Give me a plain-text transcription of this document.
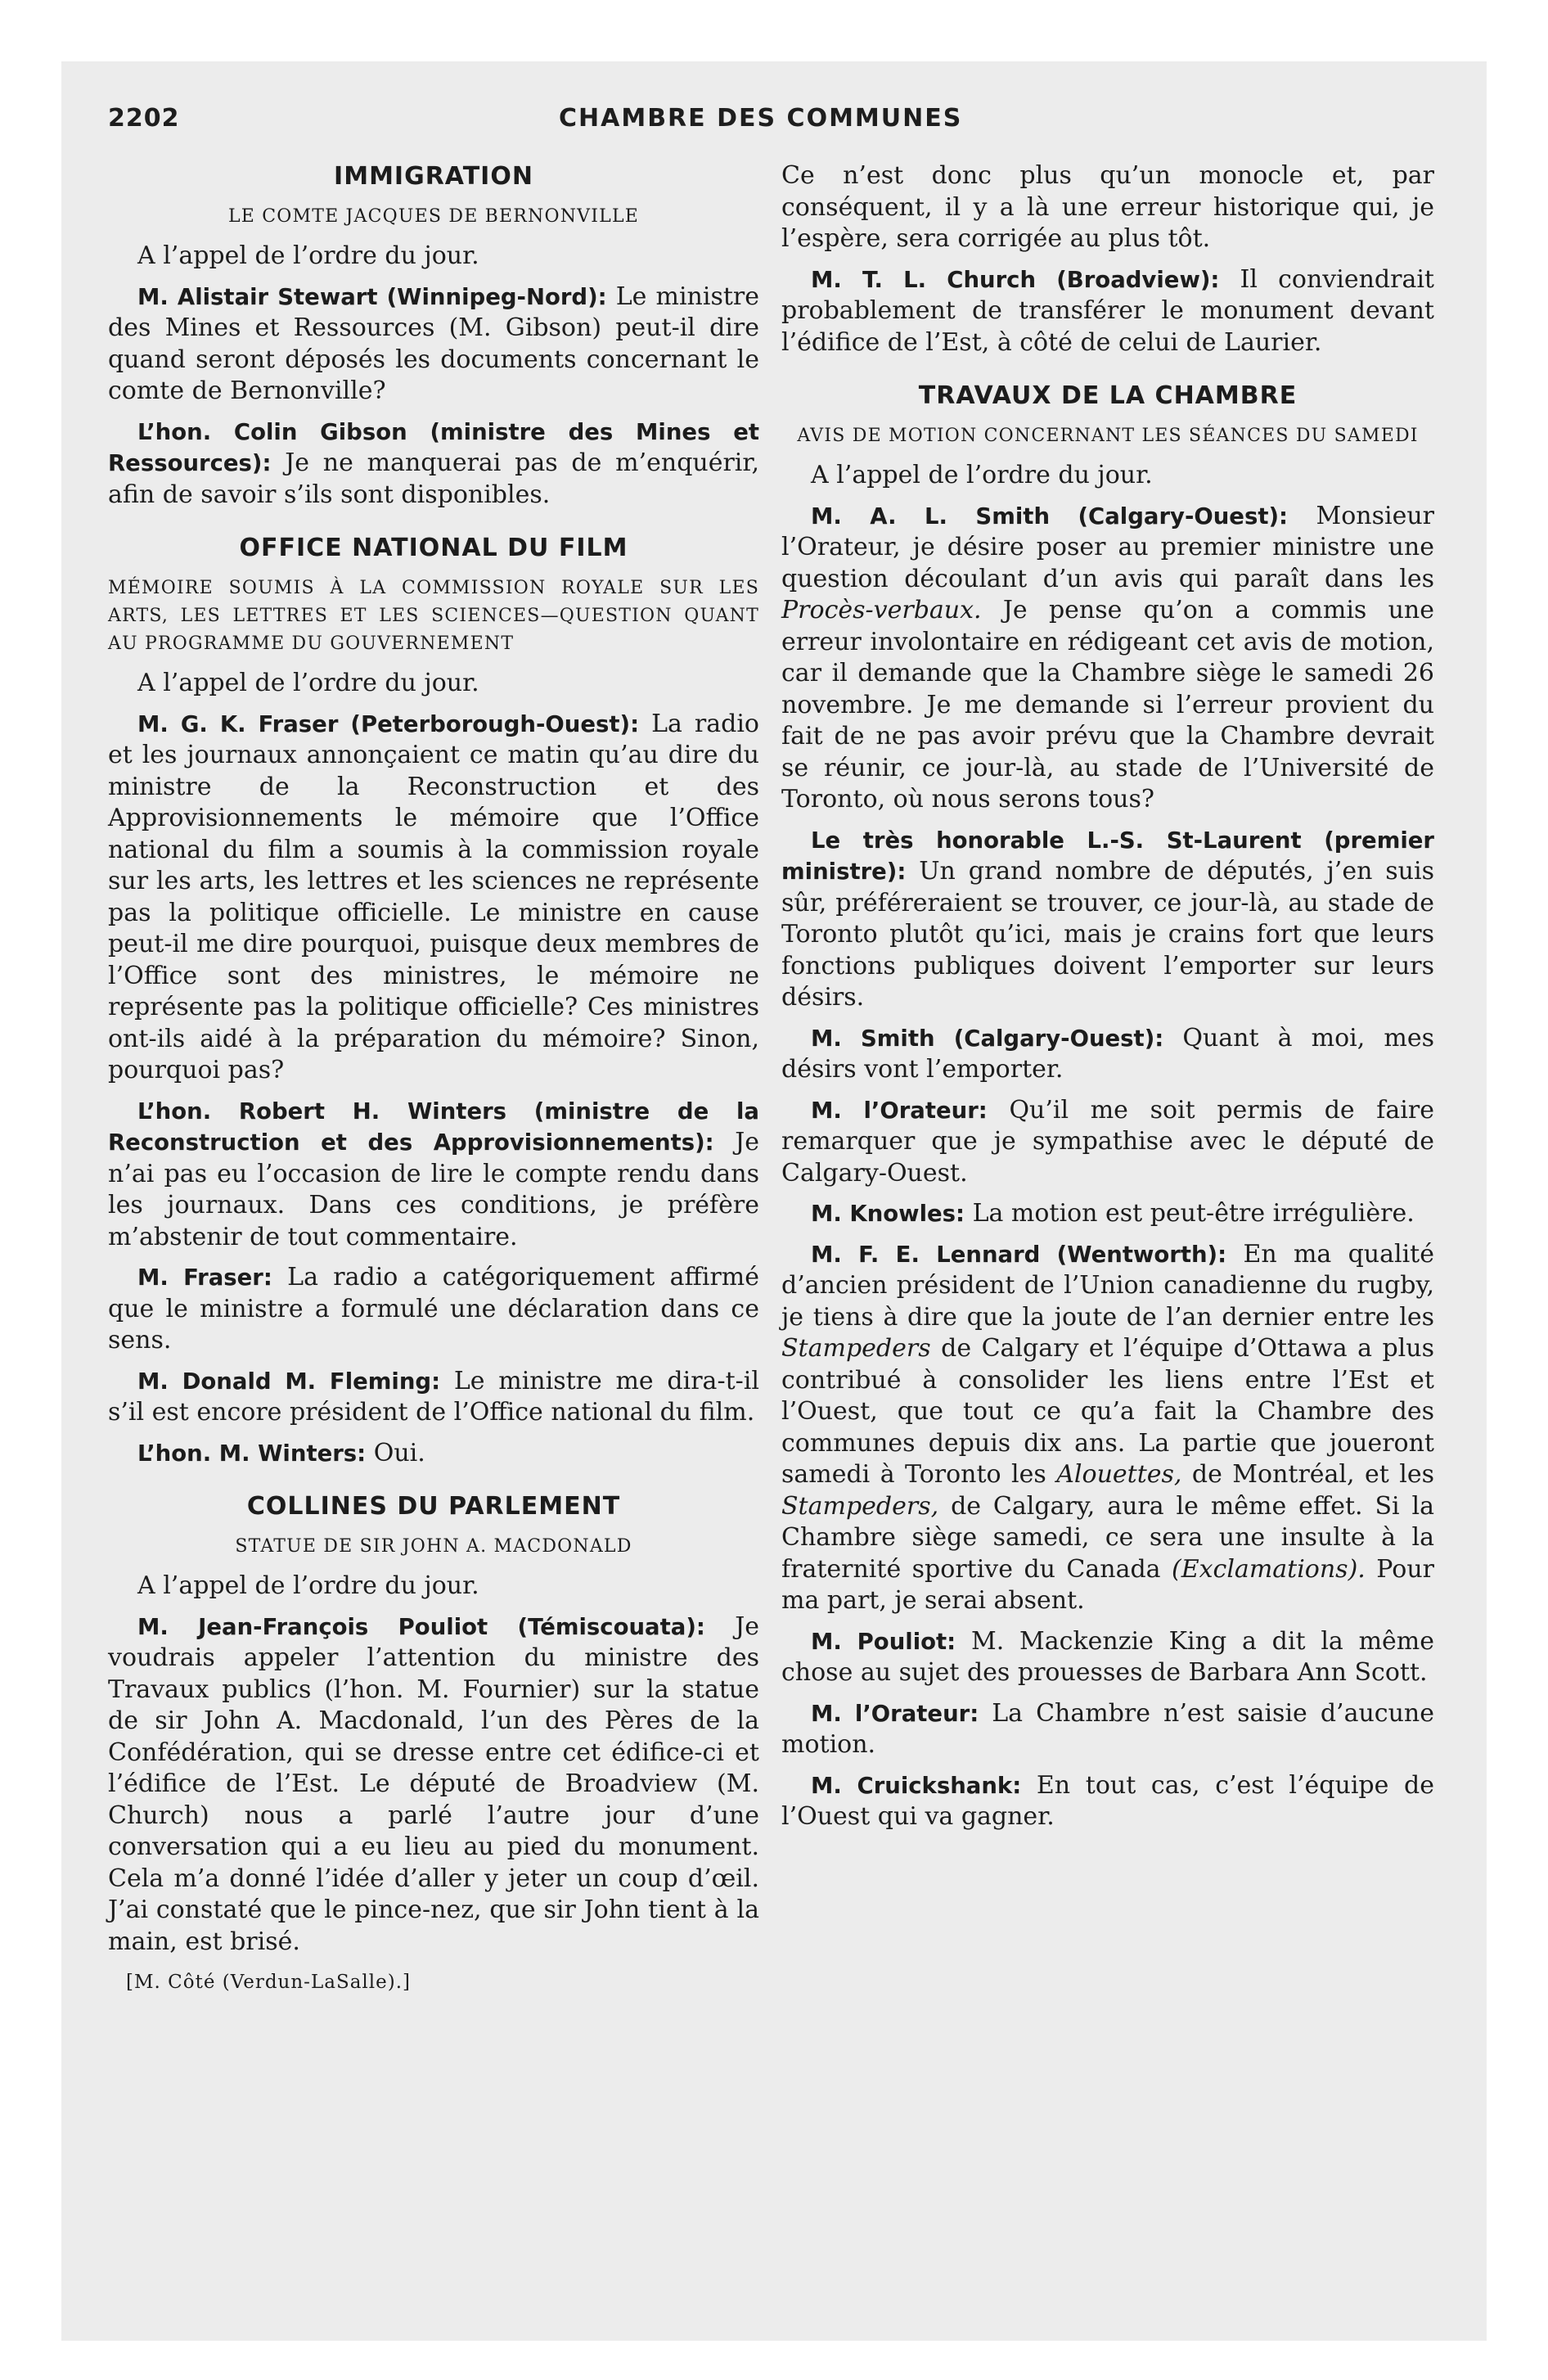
2202	CHAMBRE DES COMMUNES
IMMIGRATION
LE COMTE JACQUES DE BERNONVILLE

A l’appel de l’ordre du jour.

M. Alistair Stewart (Winnipeg-Nord): Le ministre des Mines et Ressources (M. Gibson) peut-il dire quand seront déposés les documents concernant le comte de Bernonville?

L’hon. Colin Gibson (ministre des Mines et Ressources): Je ne manquerai pas de m’enquérir, afin de savoir s’ils sont disponibles.

OFFICE NATIONAL DU FILM
MÉMOIRE SOUMIS À LA COMMISSION ROYALE SUR LES ARTS, LES LETTRES ET LES SCIENCES—QUESTION QUANT AU PROGRAMME DU GOUVERNEMENT

A l’appel de l’ordre du jour.

M. G. K. Fraser (Peterborough-Ouest): La radio et les journaux annonçaient ce matin qu’au dire du ministre de la Reconstruction et des Approvisionnements le mémoire que l’Office national du film a soumis à la commission royale sur les arts, les lettres et les sciences ne représente pas la politique officielle. Le ministre en cause peut-il me dire pourquoi, puisque deux membres de l’Office sont des ministres, le mémoire ne représente pas la politique officielle? Ces ministres ont-ils aidé à la préparation du mémoire? Sinon, pourquoi pas?

L’hon. Robert H. Winters (ministre de la Reconstruction et des Approvisionnements): Je n’ai pas eu l’occasion de lire le compte rendu dans les journaux. Dans ces conditions, je préfère m’abstenir de tout commentaire.

M. Fraser: La radio a catégoriquement affirmé que le ministre a formulé une déclaration dans ce sens.

M. Donald M. Fleming: Le ministre me dira-t-il s’il est encore président de l’Office national du film.

L’hon. M. Winters: Oui.

COLLINES DU PARLEMENT
STATUE DE SIR JOHN A. MACDONALD

A l’appel de l’ordre du jour.

M. Jean-François Pouliot (Témiscouata): Je voudrais appeler l’attention du ministre des Travaux publics (l’hon. M. Fournier) sur la statue de sir John A. Macdonald, l’un des Pères de la Confédération, qui se dresse entre cet édifice-ci et l’édifice de l’Est. Le député de Broadview (M. Church) nous a parlé l’autre jour d’une conversation qui a eu lieu au pied du monument. Cela m’a donné l’idée d’aller y jeter un coup d’œil. J’ai constaté que le pince-nez, que sir John tient à la main, est brisé.

[M. Côté (Verdun-LaSalle).]

Ce n’est donc plus qu’un monocle et, par conséquent, il y a là une erreur historique qui, je l’espère, sera corrigée au plus tôt.

M. T. L. Church (Broadview): Il conviendrait probablement de transférer le monument devant l’édifice de l’Est, à côté de celui de Laurier.

TRAVAUX DE LA CHAMBRE
AVIS DE MOTION CONCERNANT LES SÉANCES DU SAMEDI

A l’appel de l’ordre du jour.

M. A. L. Smith (Calgary-Ouest): Monsieur l’Orateur, je désire poser au premier ministre une question découlant d’un avis qui paraît dans les Procès-verbaux. Je pense qu’on a commis une erreur involontaire en rédigeant cet avis de motion, car il demande que la Chambre siège le samedi 26 novembre. Je me demande si l’erreur provient du fait de ne pas avoir prévu que la Chambre devrait se réunir, ce jour-là, au stade de l’Université de Toronto, où nous serons tous?

Le très honorable L.-S. St-Laurent (premier ministre): Un grand nombre de députés, j’en suis sûr, préféreraient se trouver, ce jour-là, au stade de Toronto plutôt qu’ici, mais je crains fort que leurs fonctions publiques doivent l’emporter sur leurs désirs.

M. Smith (Calgary-Ouest): Quant à moi, mes désirs vont l’emporter.

M. l’Orateur: Qu’il me soit permis de faire remarquer que je sympathise avec le député de Calgary-Ouest.

M. Knowles: La motion est peut-être irrégulière.

M. F. E. Lennard (Wentworth): En ma qualité d’ancien président de l’Union canadienne du rugby, je tiens à dire que la joute de l’an dernier entre les Stampeders de Calgary et l’équipe d’Ottawa a plus contribué à consolider les liens entre l’Est et l’Ouest, que tout ce qu’a fait la Chambre des communes depuis dix ans. La partie que joueront samedi à Toronto les Alouettes, de Montréal, et les Stampeders, de Calgary, aura le même effet. Si la Chambre siège samedi, ce sera une insulte à la fraternité sportive du Canada (Exclamations). Pour ma part, je serai absent.

M. Pouliot: M. Mackenzie King a dit la même chose au sujet des prouesses de Barbara Ann Scott.

M. l’Orateur: La Chambre n’est saisie d’aucune motion.

M. Cruickshank: En tout cas, c’est l’équipe de l’Ouest qui va gagner.
